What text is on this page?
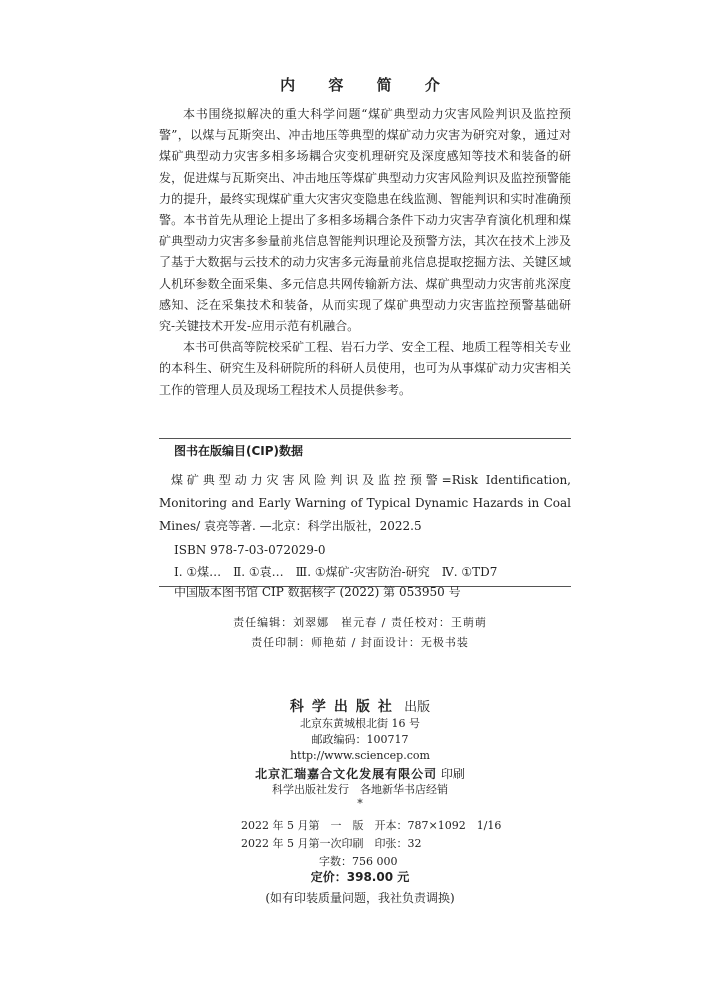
内 容 简 介

本书围绕拟解决的重大科学问题“煤矿典型动力灾害风险判识及监控预警”，以煤与瓦斯突出、冲击地压等典型的煤矿动力灾害为研究对象，通过对煤矿典型动力灾害多相多场耦合灾变机理研究及深度感知等技术和装备的研发，促进煤与瓦斯突出、冲击地压等煤矿典型动力灾害风险判识及监控预警能力的提升，最终实现煤矿重大灾害灾变隐患在线监测、智能判识和实时准确预警。本书首先从理论上提出了多相多场耦合条件下动力灾害孕育演化机理和煤矿典型动力灾害多参量前兆信息智能判识理论及预警方法，其次在技术上涉及了基于大数据与云技术的动力灾害多元海量前兆信息提取挖掘方法、关键区域人机环参数全面采集、多元信息共网传输新方法、煤矿典型动力灾害前兆深度感知、泛在采集技术和装备，从而实现了煤矿典型动力灾害监控预警基础研究-关键技术开发-应用示范有机融合。

本书可供高等院校采矿工程、岩石力学、安全工程、地质工程等相关专业的本科生、研究生及科研院所的科研人员使用，也可为从事煤矿动力灾害相关工作的管理人员及现场工程技术人员提供参考。

图书在版编目(CIP)数据
煤矿典型动力灾害风险判识及监控预警=Risk Identification, Monitoring and Early Warning of Typical Dynamic Hazards in Coal Mines/ 袁亮等著. —北京：科学出版社，2022.5
ISBN 978-7-03-072029-0
Ⅰ. ①煤…　Ⅱ. ①袁…　Ⅲ. ①煤矿-灾害防治-研究　Ⅳ. ①TD7
中国版本图书馆 CIP 数据核字 (2022) 第 053950 号
责任编辑：刘翠娜　崔元春 / 责任校对：王萌萌
责任印制：师艳茹 / 封面设计：无极书装
科学出版社 出版
北京东黄城根北街 16 号
邮政编码：100717
http://www.sciencep.com
北京汇瑞嘉合文化发展有限公司 印刷
科学出版社发行　各地新华书店经销
*
2022 年 5 月第　一　版　开本：787×1092　1/16
2022 年 5 月第一次印刷　印张：32
字数：756 000
定价：398.00 元
(如有印装质量问题，我社负责调换)
